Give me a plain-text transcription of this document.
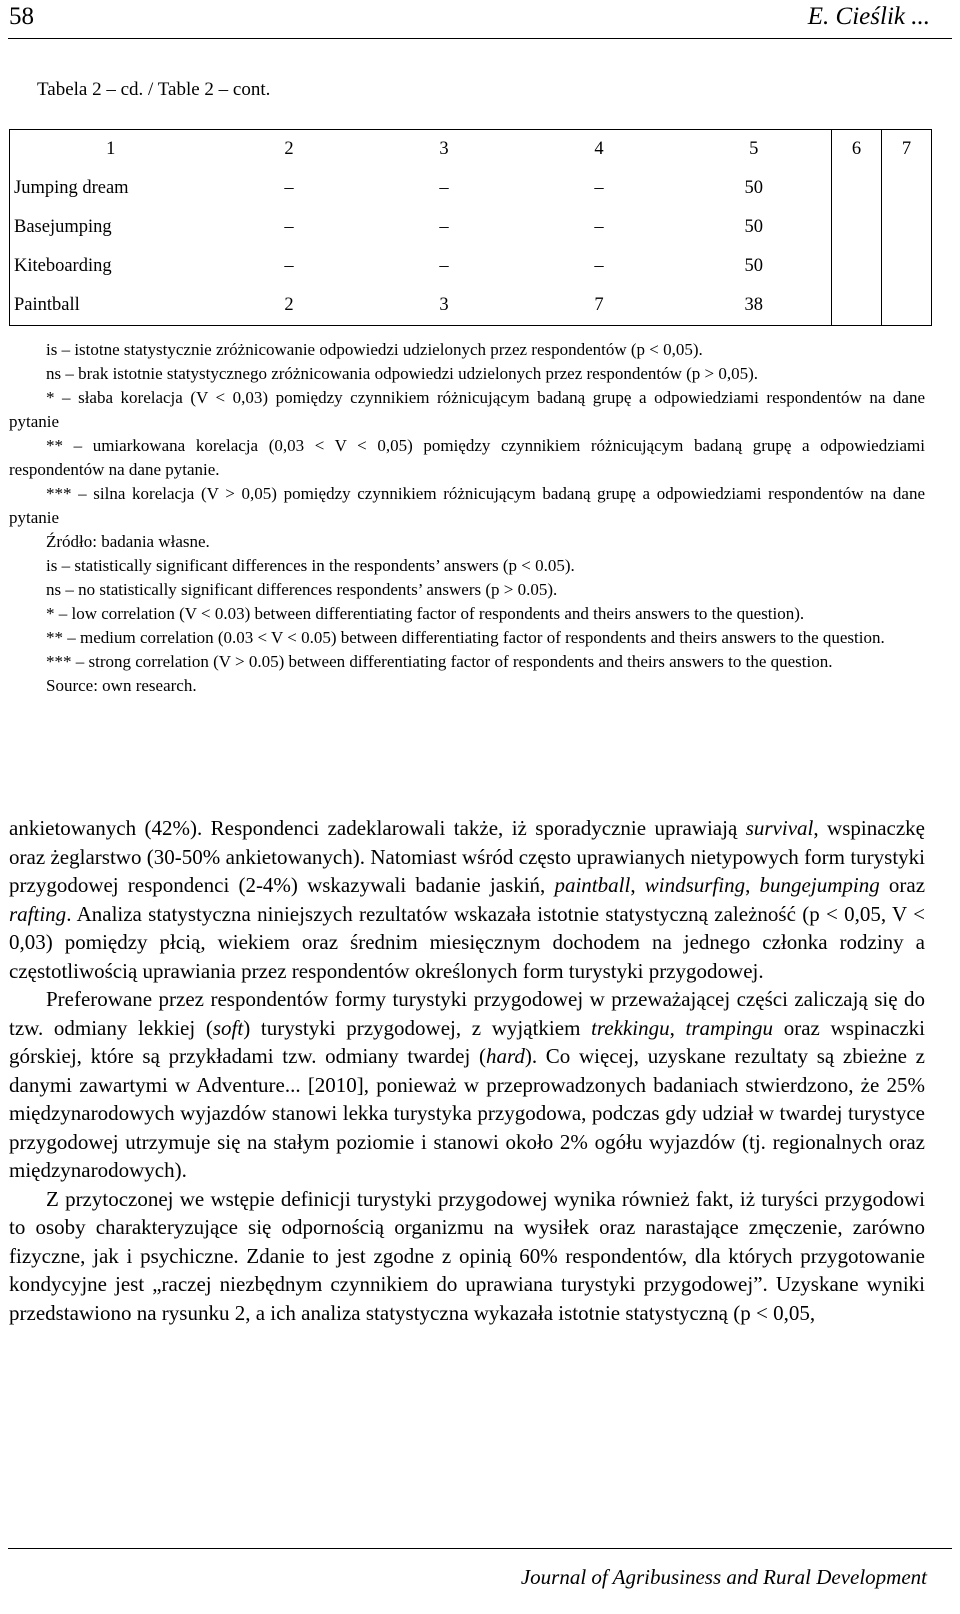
58	E. Cieślik ...
Tabela 2 – cd. / Table 2 – cont.
1	2	3	4	5	6	7
Jumping dream	–	–	–	50		
Basejumping	–	–	–	50		
Kiteboarding	–	–	–	50		
Paintball	2	3	7	38		

is – istotne statystycznie zróżnicowanie odpowiedzi udzielonych przez respondentów (p < 0,05).

ns – brak istotnie statystycznego zróżnicowania odpowiedzi udzielonych przez respondentów (p > 0,05).

* – słaba korelacja (V < 0,03) pomiędzy czynnikiem różnicującym badaną grupę a odpowiedziami respondentów na dane pytanie

** – umiarkowana korelacja (0,03 < V < 0,05) pomiędzy czynnikiem różnicującym badaną grupę a odpowiedziami respondentów na dane pytanie.

*** – silna korelacja (V > 0,05) pomiędzy czynnikiem różnicującym badaną grupę a odpowiedziami respondentów na dane pytanie

Źródło: badania własne.

is – statistically significant differences in the respondents’ answers (p < 0.05).

ns – no statistically significant differences respondents’ answers (p > 0.05).

* – low correlation (V < 0.03) between differentiating factor of respondents and theirs answers to the question).

** – medium correlation (0.03 < V < 0.05) between differentiating factor of respondents and theirs answers to the question.

*** – strong correlation (V > 0.05) between differentiating factor of respondents and theirs answers to the question.

Source: own research.

ankietowanych (42%). Respondenci zadeklarowali także, iż sporadycznie uprawiają survival, wspinaczkę oraz żeglarstwo (30-50% ankietowanych). Natomiast wśród często uprawianych nietypowych form turystyki przygodowej respondenci (2-4%) wskazywali badanie jaskiń, paintball, windsurfing, bungejumping oraz rafting. Analiza statystyczna niniejszych rezultatów wskazała istotnie statystyczną zależność (p < 0,05, V < 0,03) pomiędzy płcią, wiekiem oraz średnim miesięcznym dochodem na jednego członka rodziny a częstotliwością uprawiania przez respondentów określonych form turystyki przygodowej.

Preferowane przez respondentów formy turystyki przygodowej w przeważającej części zaliczają się do tzw. odmiany lekkiej (soft) turystyki przygodowej, z wyjątkiem trekkingu, trampingu oraz wspinaczki górskiej, które są przykładami tzw. odmiany twardej (hard). Co więcej, uzyskane rezultaty są zbieżne z danymi zawartymi w Adventure... [2010], ponieważ w przeprowadzonych badaniach stwierdzono, że 25% międzynarodowych wyjazdów stanowi lekka turystyka przygodowa, podczas gdy udział w twardej turystyce przygodowej utrzymuje się na stałym poziomie i stanowi około 2% ogółu wyjazdów (tj. regionalnych oraz międzynarodowych).

Z przytoczonej we wstępie definicji turystyki przygodowej wynika również fakt, iż turyści przygodowi to osoby charakteryzujące się odpornością organizmu na wysiłek oraz narastające zmęczenie, zarówno fizyczne, jak i psychiczne. Zdanie to jest zgodne z opinią 60% respondentów, dla których przygotowanie kondycyjne jest „raczej niezbędnym czynnikiem do uprawiana turystyki przygodowej”. Uzyskane wyniki przedstawiono na rysunku 2, a ich analiza statystyczna wykazała istotnie statystyczną (p < 0,05,

Journal of Agribusiness and Rural Development
